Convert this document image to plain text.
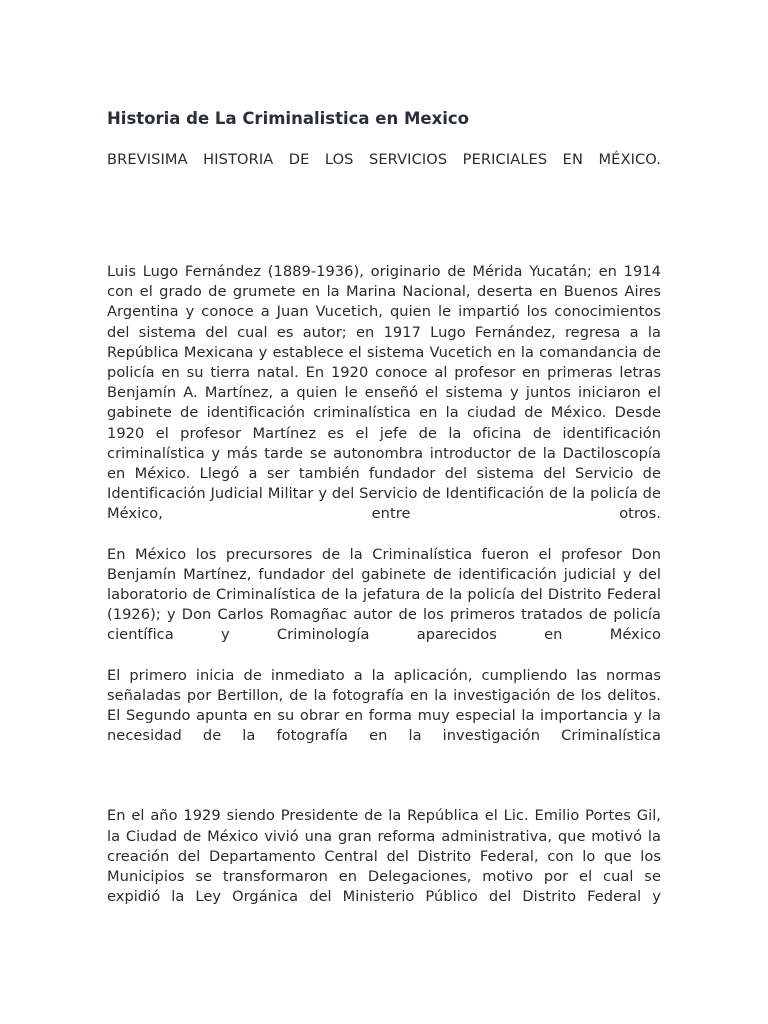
Historia de La Criminalistica en Mexico

BREVISIMA HISTORIA DE LOS SERVICIOS PERICIALES EN MÉXICO.

Luis Lugo Fernández (1889-1936), originario de Mérida Yucatán; en 1914 con el grado de grumete en la Marina Nacional, deserta en Buenos Aires Argentina y conoce a Juan Vucetich, quien le impartió los conocimientos del sistema del cual es autor; en 1917 Lugo Fernández, regresa a la República Mexicana y establece el sistema Vucetich en la comandancia de policía en su tierra natal. En 1920 conoce al profesor en primeras letras Benjamín A. Martínez, a quien le enseñó el sistema y juntos iniciaron el gabinete de identificación criminalística en la ciudad de México. Desde 1920 el profesor Martínez es el jefe de la oficina de identificación criminalística y más tarde se autonombra introductor de la Dactiloscopía en México. Llegó a ser también fundador del sistema del Servicio de Identificación Judicial Militar y del Servicio de Identificación de la policía de México, entre otros.

En México los precursores de la Criminalística fueron el profesor Don Benjamín Martínez, fundador del gabinete de identificación judicial y del laboratorio de Criminalística de la jefatura de la policía del Distrito Federal (1926); y Don Carlos Romagñac autor de los primeros tratados de policía científica y Criminología aparecidos en México

El primero inicia de inmediato a la aplicación, cumpliendo las normas señaladas por Bertillon, de la fotografía en la investigación de los delitos. El Segundo apunta en su obrar en forma muy especial la importancia y la necesidad de la fotografía en la investigación Criminalística

En el año 1929 siendo Presidente de la República el Lic. Emilio Portes Gil, la Ciudad de México vivió una gran reforma administrativa, que motivó la creación del Departamento Central del Distrito Federal, con lo que los Municipios se transformaron en Delegaciones, motivo por el cual se expidió la Ley Orgánica del Ministerio Público del Distrito Federal y
